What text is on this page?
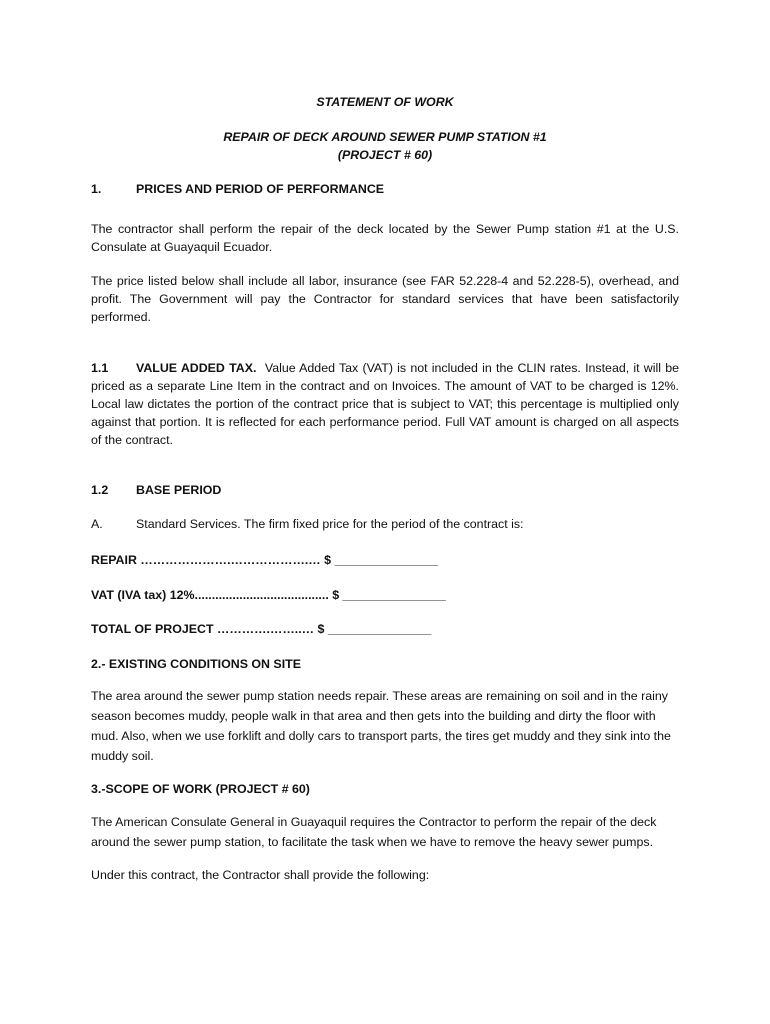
STATEMENT OF WORK

REPAIR OF DECK AROUND SEWER PUMP STATION #1

(PROJECT # 60)

1.	PRICES AND PERIOD OF PERFORMANCE

The contractor shall perform the repair of the deck located by the Sewer Pump station #1 at the U.S. Consulate at Guayaquil Ecuador.

The price listed below shall include all labor, insurance (see FAR 52.228-4 and 52.228-5), overhead, and profit. The Government will pay the Contractor for standard services that have been satisfactorily performed.

1.1 VALUE ADDED TAX. Value Added Tax (VAT) is not included in the CLIN rates. Instead, it will be priced as a separate Line Item in the contract and on Invoices. The amount of VAT to be charged is 12%. Local law dictates the portion of the contract price that is subject to VAT; this percentage is multiplied only against that portion. It is reflected for each performance period. Full VAT amount is charged on all aspects of the contract.

1.2 BASE PERIOD

A.	Standard Services. The firm fixed price for the period of the contract is:

REPAIR ………………….……………….… $ _______________

VAT (IVA tax) 12%....................................... $ _______________

TOTAL OF PROJECT ………….……..… $ _______________

2.- EXISTING CONDITIONS ON SITE

The area around the sewer pump station needs repair. These areas are remaining on soil and in the rainy season becomes muddy, people walk in that area and then gets into the building and dirty the floor with mud. Also, when we use forklift and dolly cars to transport parts, the tires get muddy and they sink into the muddy soil.

3.-SCOPE OF WORK (PROJECT # 60)

The American Consulate General in Guayaquil requires the Contractor to perform the repair of the deck around the sewer pump station, to facilitate the task when we have to remove the heavy sewer pumps.

Under this contract, the Contractor shall provide the following:
